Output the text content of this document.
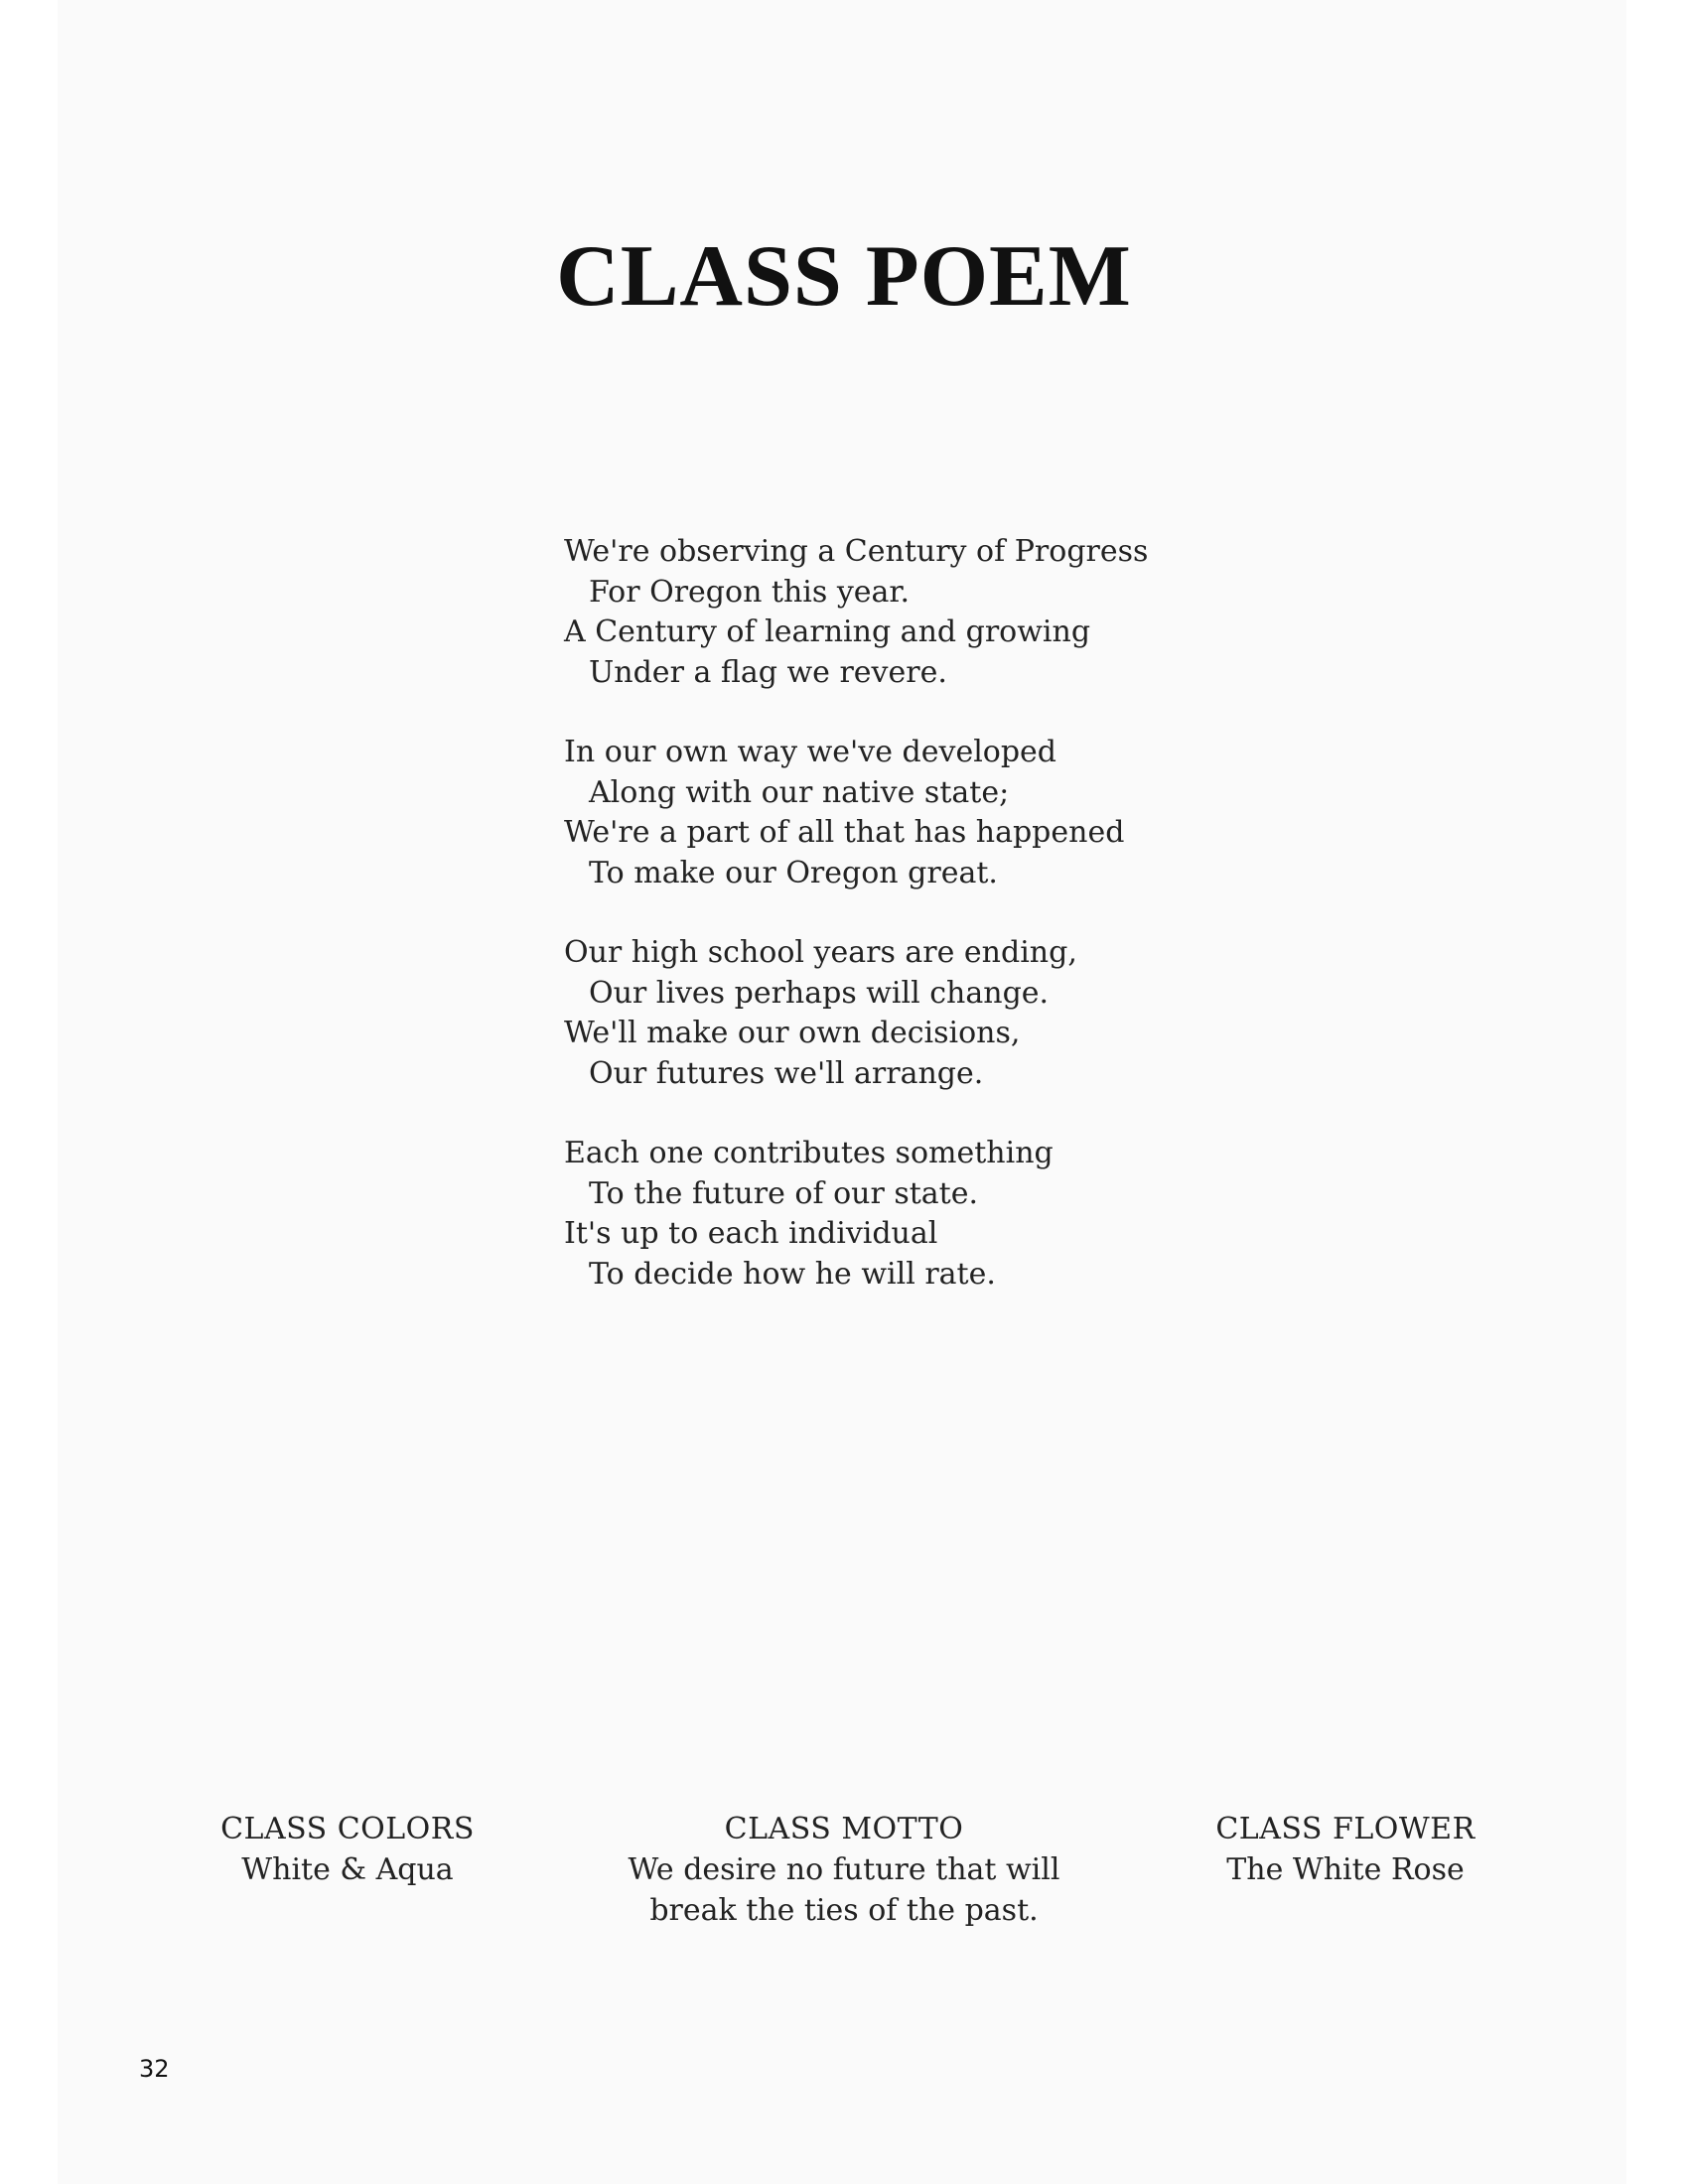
CLASS POEM
We're observing a Century of Progress
For Oregon this year.
A Century of learning and growing
Under a flag we revere.
In our own way we've developed
Along with our native state;
We're a part of all that has happened
To make our Oregon great.
Our high school years are ending,
Our lives perhaps will change.
We'll make our own decisions,
Our futures we'll arrange.
Each one contributes something
To the future of our state.
It's up to each individual
To decide how he will rate.
CLASS COLORS
White & Aqua
CLASS MOTTO
We desire no future that will
break the ties of the past.
CLASS FLOWER
The White Rose
32
